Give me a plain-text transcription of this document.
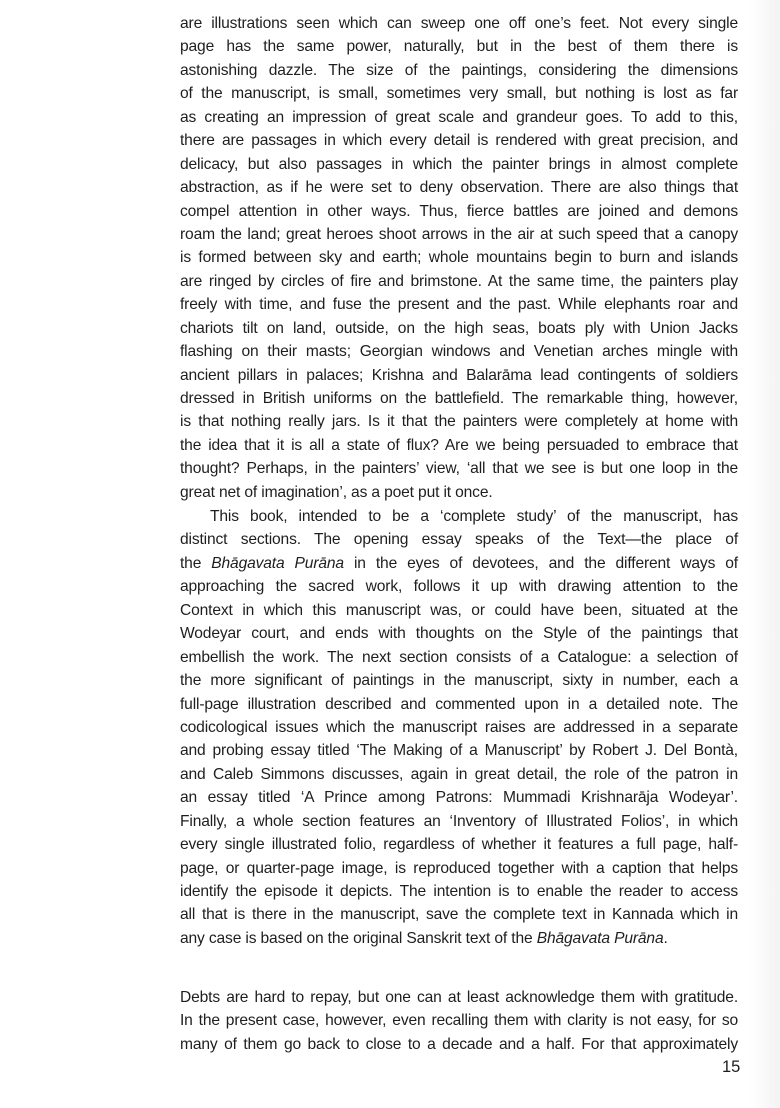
are illustrations seen which can sweep one off one’s feet. Not every single
page has the same power, naturally, but in the best of them there is
astonishing dazzle. The size of the paintings, considering the dimensions
of the manuscript, is small, sometimes very small, but nothing is lost as far
as creating an impression of great scale and grandeur goes. To add to this,
there are passages in which every detail is rendered with great precision, and
delicacy, but also passages in which the painter brings in almost complete
abstraction, as if he were set to deny observation. There are also things that
compel attention in other ways. Thus, fierce battles are joined and demons
roam the land; great heroes shoot arrows in the air at such speed that a canopy
is formed between sky and earth; whole mountains begin to burn and islands
are ringed by circles of fire and brimstone. At the same time, the painters play
freely with time, and fuse the present and the past. While elephants roar and
chariots tilt on land, outside, on the high seas, boats ply with Union Jacks
flashing on their masts; Georgian windows and Venetian arches mingle with
ancient pillars in palaces; Krishna and Balarāma lead contingents of soldiers
dressed in British uniforms on the battlefield. The remarkable thing, however,
is that nothing really jars. Is it that the painters were completely at home with
the idea that it is all a state of flux? Are we being persuaded to embrace that
thought? Perhaps, in the painters’ view, ‘all that we see is but one loop in the
great net of imagination’, as a poet put it once.
This book, intended to be a ‘complete study’ of the manuscript, has
distinct sections. The opening essay speaks of the Text—the place of
the Bhāgavata Purāna in the eyes of devotees, and the different ways of
approaching the sacred work, follows it up with drawing attention to the
Context in which this manuscript was, or could have been, situated at the
Wodeyar court, and ends with thoughts on the Style of the paintings that
embellish the work. The next section consists of a Catalogue: a selection of
the more significant of paintings in the manuscript, sixty in number, each a
full-page illustration described and commented upon in a detailed note. The
codicological issues which the manuscript raises are addressed in a separate
and probing essay titled ‘The Making of a Manuscript’ by Robert J. Del Bontà,
and Caleb Simmons discusses, again in great detail, the role of the patron in
an essay titled ‘A Prince among Patrons: Mummadi Krishnarāja Wodeyar’.
Finally, a whole section features an ‘Inventory of Illustrated Folios’, in which
every single illustrated folio, regardless of whether it features a full page, half-
page, or quarter-page image, is reproduced together with a caption that helps
identify the episode it depicts. The intention is to enable the reader to access
all that is there in the manuscript, save the complete text in Kannada which in
any case is based on the original Sanskrit text of the Bhāgavata Purāna.
Debts are hard to repay, but one can at least acknowledge them with gratitude.
In the present case, however, even recalling them with clarity is not easy, for so
many of them go back to close to a decade and a half. For that approximately
15
